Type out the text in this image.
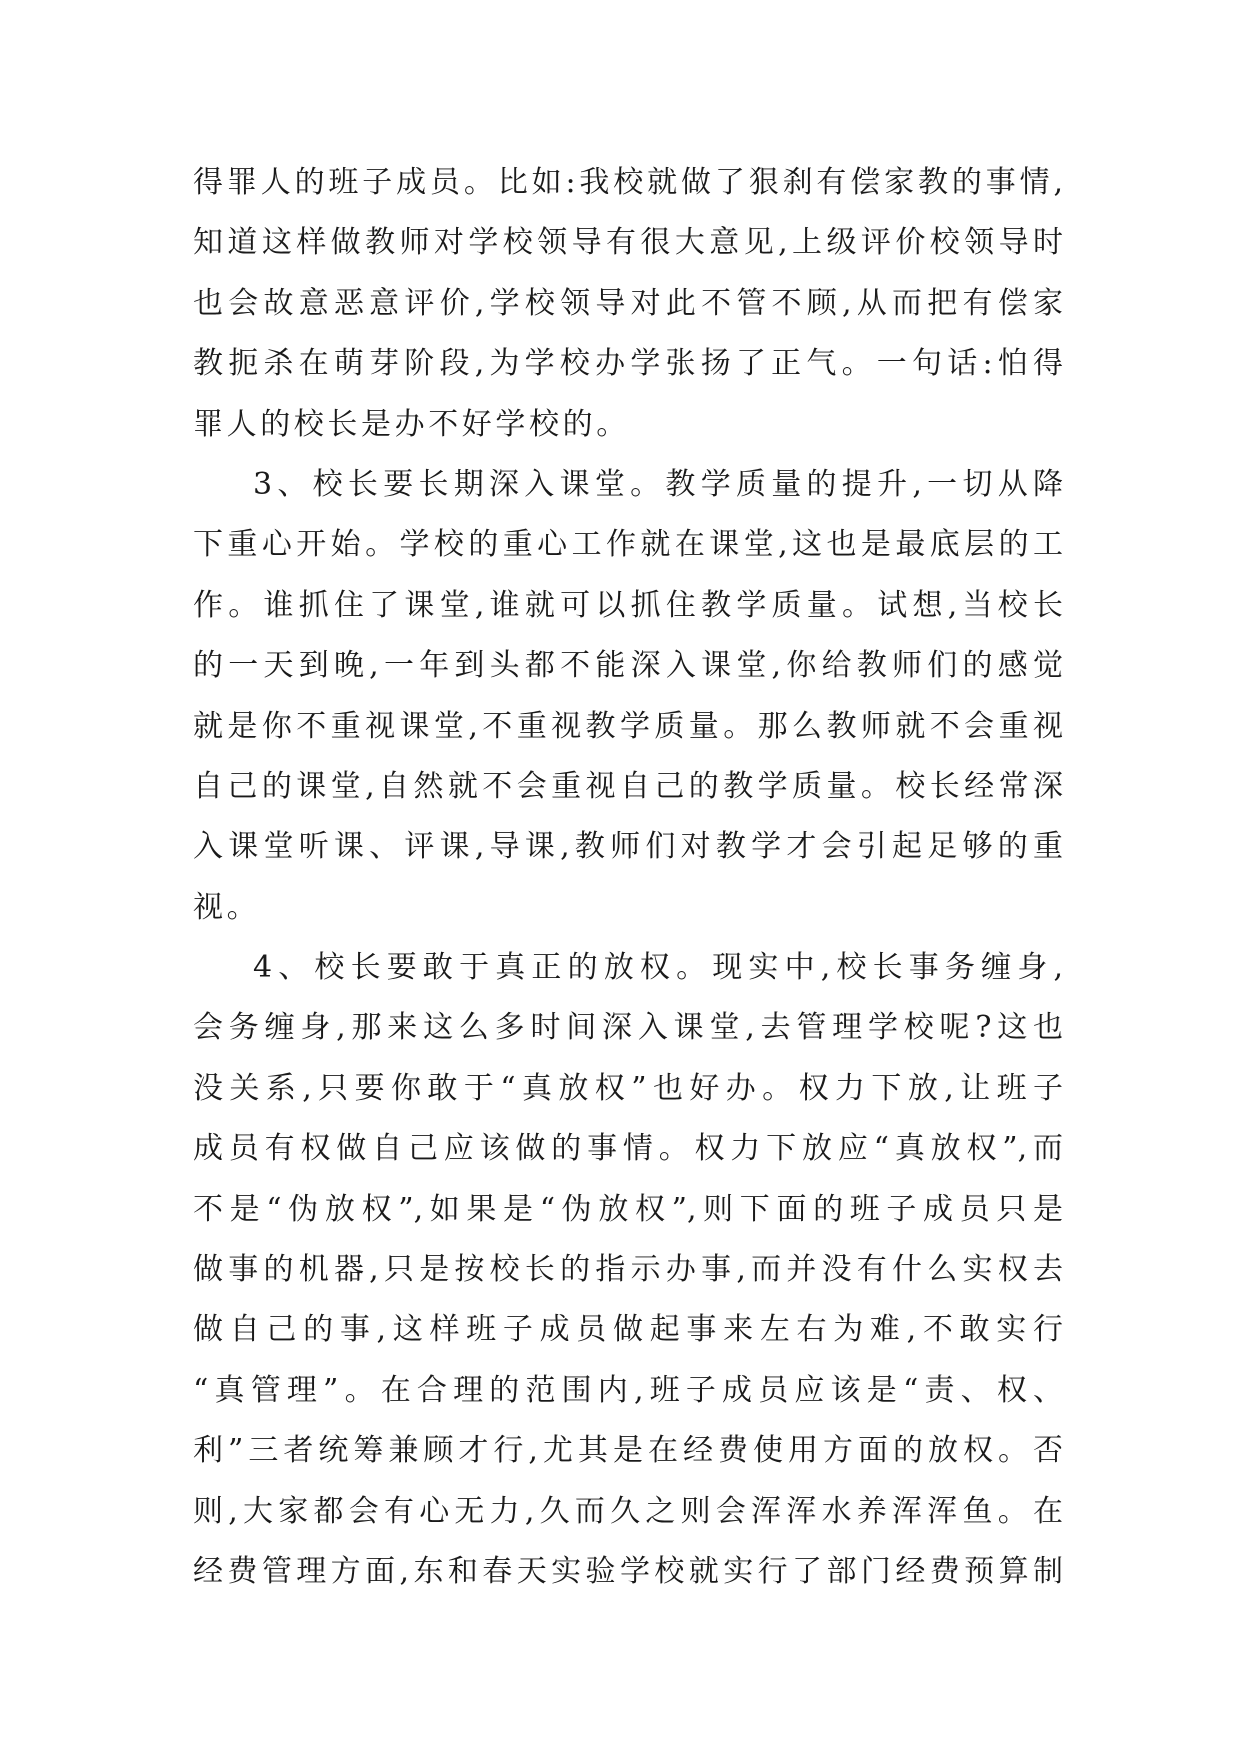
得罪人的班子成员。比如:我校就做了狠刹有偿家教的事情,
知道这样做教师对学校领导有很大意见,上级评价校领导时
也会故意恶意评价,学校领导对此不管不顾,从而把有偿家
教扼杀在萌芽阶段,为学校办学张扬了正气。一句话:怕得
罪人的校长是办不好学校的。
3、校长要长期深入课堂。教学质量的提升,一切从降
下重心开始。学校的重心工作就在课堂,这也是最底层的工
作。谁抓住了课堂,谁就可以抓住教学质量。试想,当校长
的一天到晚,一年到头都不能深入课堂,你给教师们的感觉
就是你不重视课堂,不重视教学质量。那么教师就不会重视
自己的课堂,自然就不会重视自己的教学质量。校长经常深
入课堂听课、评课,导课,教师们对教学才会引起足够的重
视。
4、校长要敢于真正的放权。现实中,校长事务缠身,
会务缠身,那来这么多时间深入课堂,去管理学校呢?这也
没关系,只要你敢于“真放权”也好办。权力下放,让班子
成员有权做自己应该做的事情。权力下放应“真放权”,而
不是“伪放权”,如果是“伪放权”,则下面的班子成员只是
做事的机器,只是按校长的指示办事,而并没有什么实权去
做自己的事,这样班子成员做起事来左右为难,不敢实行
“真管理”。在合理的范围内,班子成员应该是“责、权、
利”三者统筹兼顾才行,尤其是在经费使用方面的放权。否
则,大家都会有心无力,久而久之则会浑浑水养浑浑鱼。在
经费管理方面,东和春天实验学校就实行了部门经费预算制
